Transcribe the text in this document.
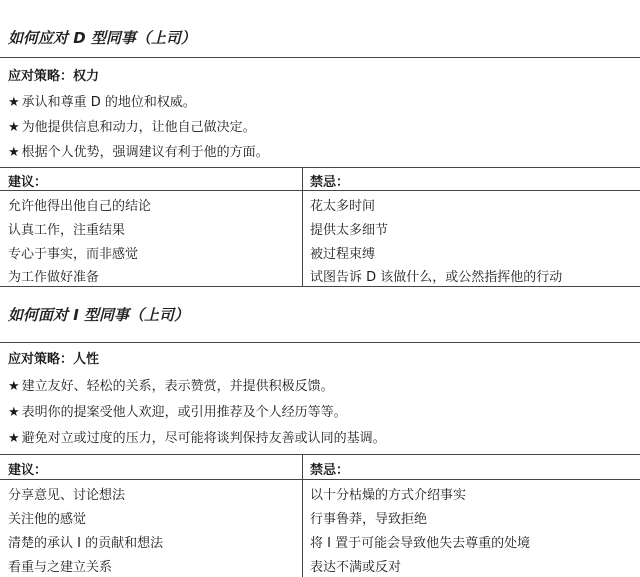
如何应对 D 型同事（上司）
应对策略：权力
★ 承认和尊重 D 的地位和权威。
★ 为他提供信息和动力，让他自己做决定。
★ 根据个人优势，强调建议有利于他的方面。
建议：	禁忌：
允许他得出他自己的结论
认真工作，注重结果
专心于事实，而非感觉
为工作做好准备
花太多时间
提供太多细节
被过程束缚
试图告诉 D 该做什么，或公然指挥他的行动
如何面对 I 型同事（上司）
应对策略：人性
★ 建立友好、轻松的关系，表示赞赏，并提供积极反馈。
★ 表明你的提案受他人欢迎，或引用推荐及个人经历等等。
★ 避免对立或过度的压力，尽可能将谈判保持友善或认同的基调。
建议：	禁忌：
分享意见、讨论想法
关注他的感觉
清楚的承认 I 的贡献和想法
看重与之建立关系
以十分枯燥的方式介绍事实
行事鲁莽，导致拒绝
将 I 置于可能会导致他失去尊重的处境
表达不满或反对
